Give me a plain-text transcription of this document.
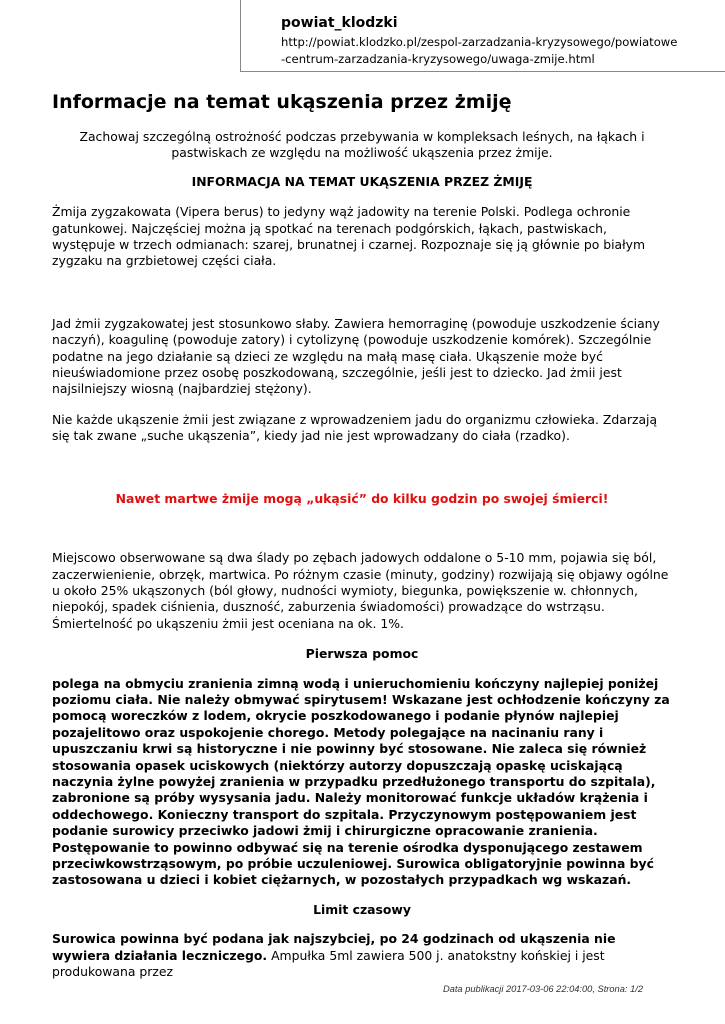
powiat_klodzki
http://powiat.klodzko.pl/zespol-zarzadzania-kryzysowego/powiatowe-centrum-zarzadzania-kryzysowego/uwaga-zmije.html
Informacje na temat ukąszenia przez żmiję

Zachowaj szczególną ostrożność podczas przebywania w kompleksach leśnych, na łąkach i pastwiskach ze względu na możliwość ukąszenia przez żmije.

INFORMACJA NA TEMAT UKĄSZENIA PRZEZ ŻMIJĘ

Żmija zygzakowata (Vipera berus) to jedyny wąż jadowity na terenie Polski. Podlega ochronie gatunkowej. Najczęściej można ją spotkać na terenach podgórskich, łąkach, pastwiskach, występuje w trzech odmianach: szarej, brunatnej i czarnej. Rozpoznaje się ją głównie po białym zygzaku na grzbietowej części ciała.

Jad żmii zygzakowatej jest stosunkowo słaby. Zawiera hemorraginę (powoduje uszkodzenie ściany naczyń), koagulinę (powoduje zatory) i cytolizynę (powoduje uszkodzenie komórek). Szczególnie podatne na jego działanie są dzieci ze względu na małą masę ciała. Ukąszenie może być nieuświadomione przez osobę poszkodowaną, szczególnie, jeśli jest to dziecko. Jad żmii jest najsilniejszy wiosną (najbardziej stężony).

Nie każde ukąszenie żmii jest związane z wprowadzeniem jadu do organizmu człowieka. Zdarzają się tak zwane „suche ukąszenia”, kiedy jad nie jest wprowadzany do ciała (rzadko).

Nawet martwe żmije mogą „ukąsić” do kilku godzin po swojej śmierci!

Miejscowo obserwowane są dwa ślady po zębach jadowych oddalone o 5-10 mm, pojawia się ból, zaczerwienienie, obrzęk, martwica. Po różnym czasie (minuty, godziny) rozwijają się objawy ogólne u około 25% ukąszonych (ból głowy, nudności wymioty, biegunka, powiększenie w. chłonnych, niepokój, spadek ciśnienia, duszność, zaburzenia świadomości) prowadzące do wstrząsu. Śmiertelność po ukąszeniu żmii jest oceniana na ok. 1%.

Pierwsza pomoc

polega na obmyciu zranienia zimną wodą i unieruchomieniu kończyny najlepiej poniżej poziomu ciała. Nie należy obmywać spirytusem! Wskazane jest ochłodzenie kończyny za pomocą woreczków z lodem, okrycie poszkodowanego i podanie płynów najlepiej pozajelitowo oraz uspokojenie chorego. Metody polegające na nacinaniu rany i upuszczaniu krwi są historyczne i nie powinny być stosowane. Nie zaleca się również stosowania opasek uciskowych (niektórzy autorzy dopuszczają opaskę uciskającą naczynia żylne powyżej zranienia w przypadku przedłużonego transportu do szpitala), zabronione są próby wysysania jadu. Należy monitorować funkcje układów krążenia i oddechowego. Konieczny transport do szpitala. Przyczynowym postępowaniem jest podanie surowicy przeciwko jadowi żmij i chirurgiczne opracowanie zranienia. Postępowanie to powinno odbywać się na terenie ośrodka dysponującego zestawem przeciwkowstrząsowym, po próbie uczuleniowej. Surowica obligatoryjnie powinna być zastosowana u dzieci i kobiet ciężarnych, w pozostałych przypadkach wg wskazań.

Limit czasowy

Surowica powinna być podana jak najszybciej, po 24 godzinach od ukąszenia nie wywiera działania leczniczego. Ampułka 5ml zawiera 500 j. anatokstny końskiej i jest produkowana przez

Data publikacji 2017-03-06 22:04:00, Strona: 1/2
